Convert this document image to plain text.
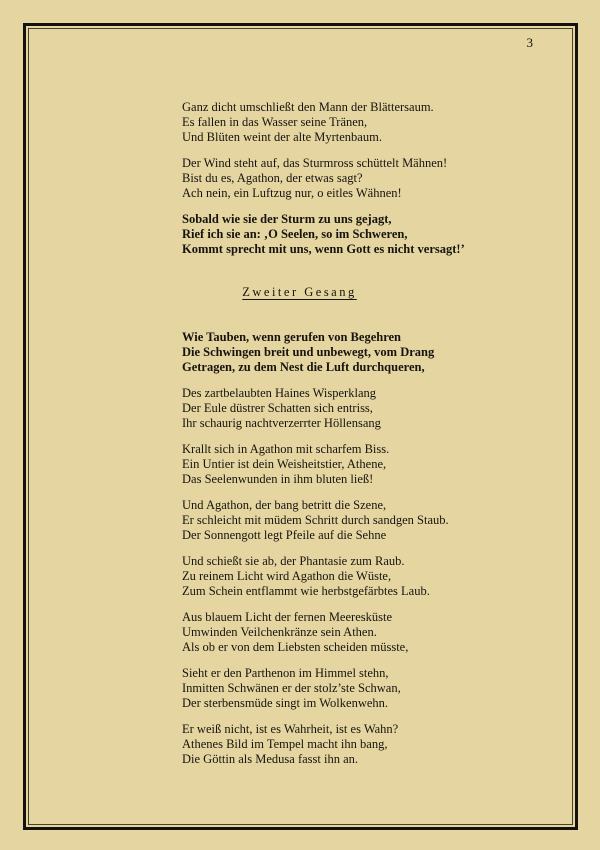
3

Ganz dicht umschließt den Mann der Blättersaum.
Es fallen in das Wasser seine Tränen,
Und Blüten weint der alte Myrtenbaum.

Der Wind steht auf, das Sturmross schüttelt Mähnen!
Bist du es, Agathon, der etwas sagt?
Ach nein, ein Luftzug nur, o eitles Wähnen!

Sobald wie sie der Sturm zu uns gejagt,
Rief ich sie an: ‚O Seelen, so im Schweren,
Kommt sprecht mit uns, wenn Gott es nicht versagt!’

Zweiter Gesang

Wie Tauben, wenn gerufen von Begehren
Die Schwingen breit und unbewegt, vom Drang
Getragen, zu dem Nest die Luft durchqueren,

Des zartbelaubten Haines Wisperklang
Der Eule düstrer Schatten sich entriss,
Ihr schaurig nachtverzerrter Höllensang

Krallt sich in Agathon mit scharfem Biss.
Ein Untier ist dein Weisheitstier, Athene,
Das Seelenwunden in ihm bluten ließ!

Und Agathon, der bang betritt die Szene,
Er schleicht mit müdem Schritt durch sandgen Staub.
Der Sonnengott legt Pfeile auf die Sehne

Und schießt sie ab, der Phantasie zum Raub.
Zu reinem Licht wird Agathon die Wüste,
Zum Schein entflammt wie herbstgefärbtes Laub.

Aus blauem Licht der fernen Meeresküste
Umwinden Veilchenkränze sein Athen.
Als ob er von dem Liebsten scheiden müsste,

Sieht er den Parthenon im Himmel stehn,
Inmitten Schwänen er der stolz’ste Schwan,
Der sterbensmüde singt im Wolkenwehn.

Er weiß nicht, ist es Wahrheit, ist es Wahn?
Athenes Bild im Tempel macht ihn bang,
Die Göttin als Medusa fasst ihn an.
